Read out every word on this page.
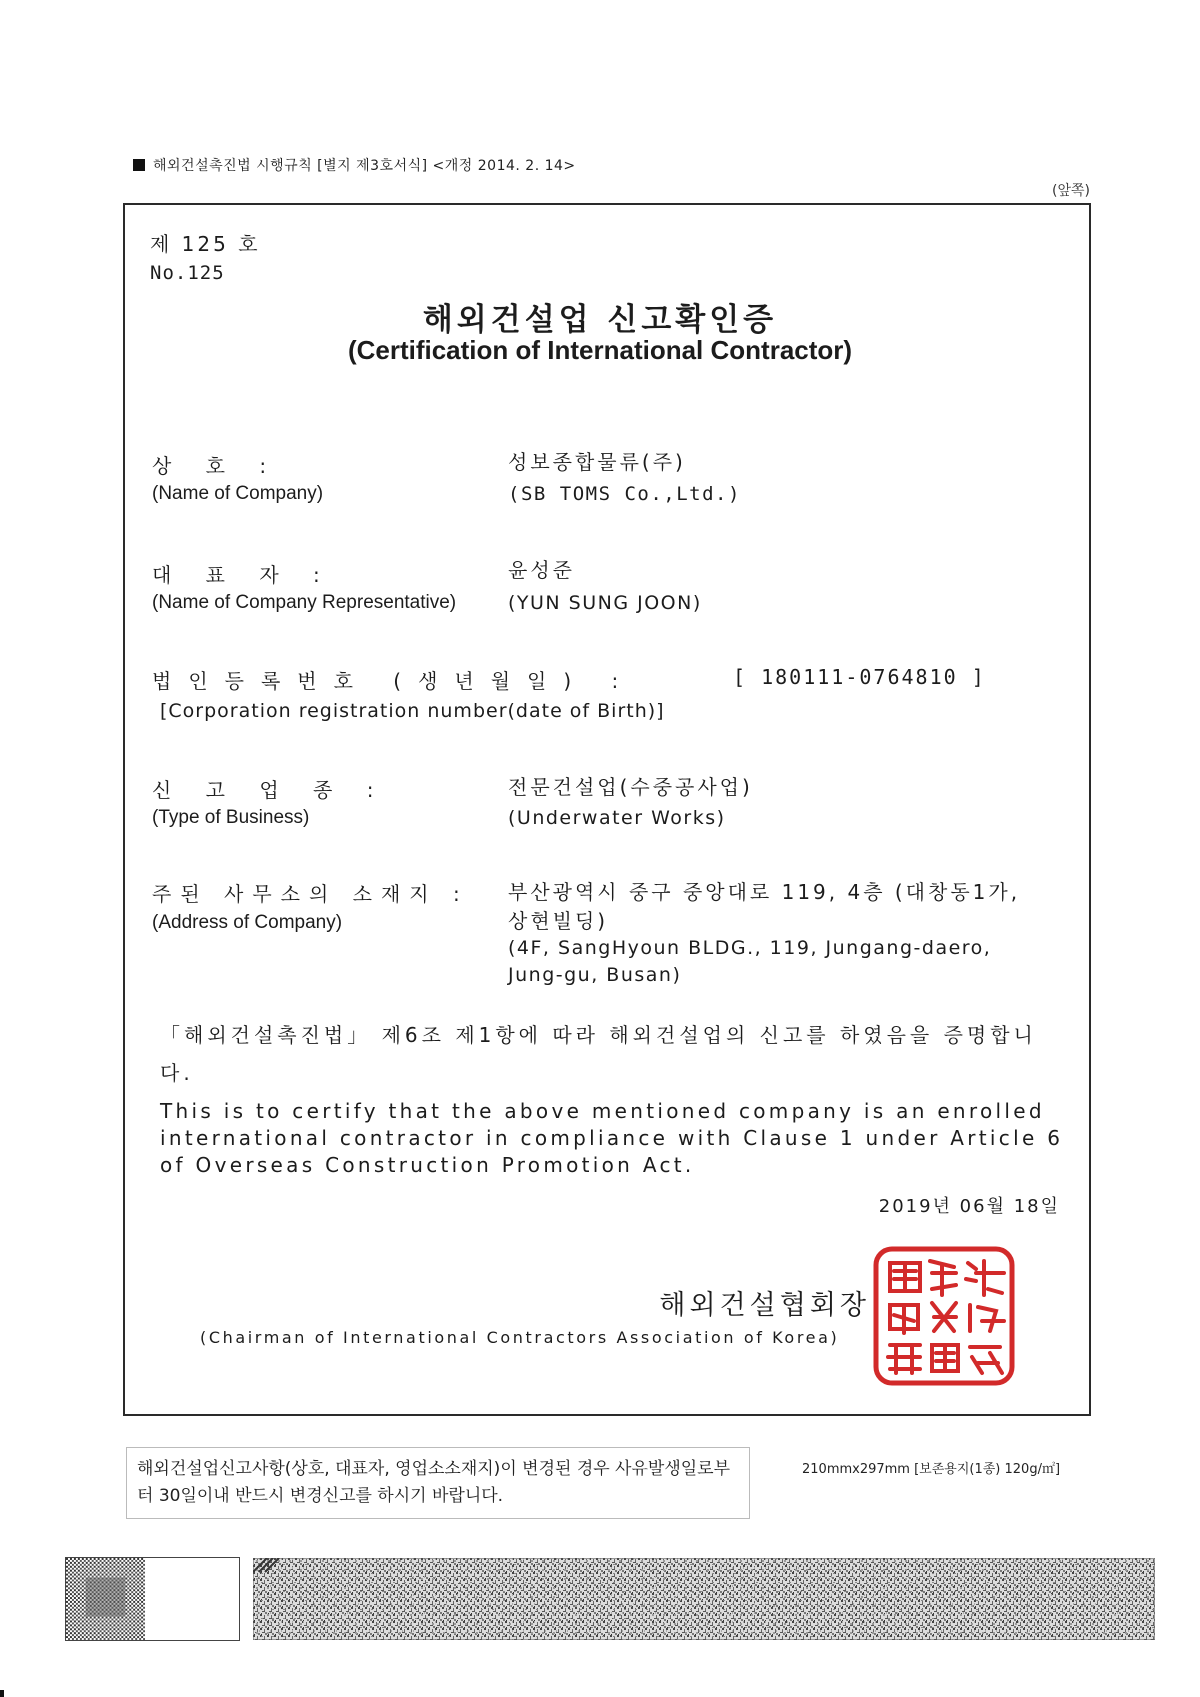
해외건설촉진법 시행규칙 [별지 제3호서식] <개정 2014. 2. 14>
(앞쪽)
제 125 호
No.125
해외건설업 신고확인증
(Certification of International Contractor)
상 호 :
(Name of Company)
성보종합물류(주)
(SB TOMS Co.,Ltd.)
대 표 자 :
(Name of Company Representative)
윤성준
(YUN SUNG JOON)
법인등록번호 (생년월일) :	[ 180111-0764810 ]
[Corporation registration number(date of Birth)]
신 고 업 종 :
(Type of Business)
전문건설업(수중공사업)
(Underwater Works)
주된 사무소의 소재지 :
(Address of Company)
부산광역시 중구 중앙대로 119, 4층 (대창동1가,
상현빌딩)
(4F, SangHyoun BLDG., 119, Jungang-daero,
Jung-gu, Busan)
「해외건설촉진법」 제6조 제1항에 따라 해외건설업의 신고를 하였음을 증명합니다.
This is to certify that the above mentioned company is an enrolled international contractor in compliance with Clause 1 under Article 6 of Overseas Construction Promotion Act.
2019년 06월 18일
해외건설협회장
(Chairman of International Contractors Association of Korea)
해외건설업신고사항(상호, 대표자, 영업소소재지)이 변경된 경우 사유발생일로부터 30일이내 반드시 변경신고를 하시기 바랍니다.
210mmx297mm [보존용지(1종) 120g/㎡]
